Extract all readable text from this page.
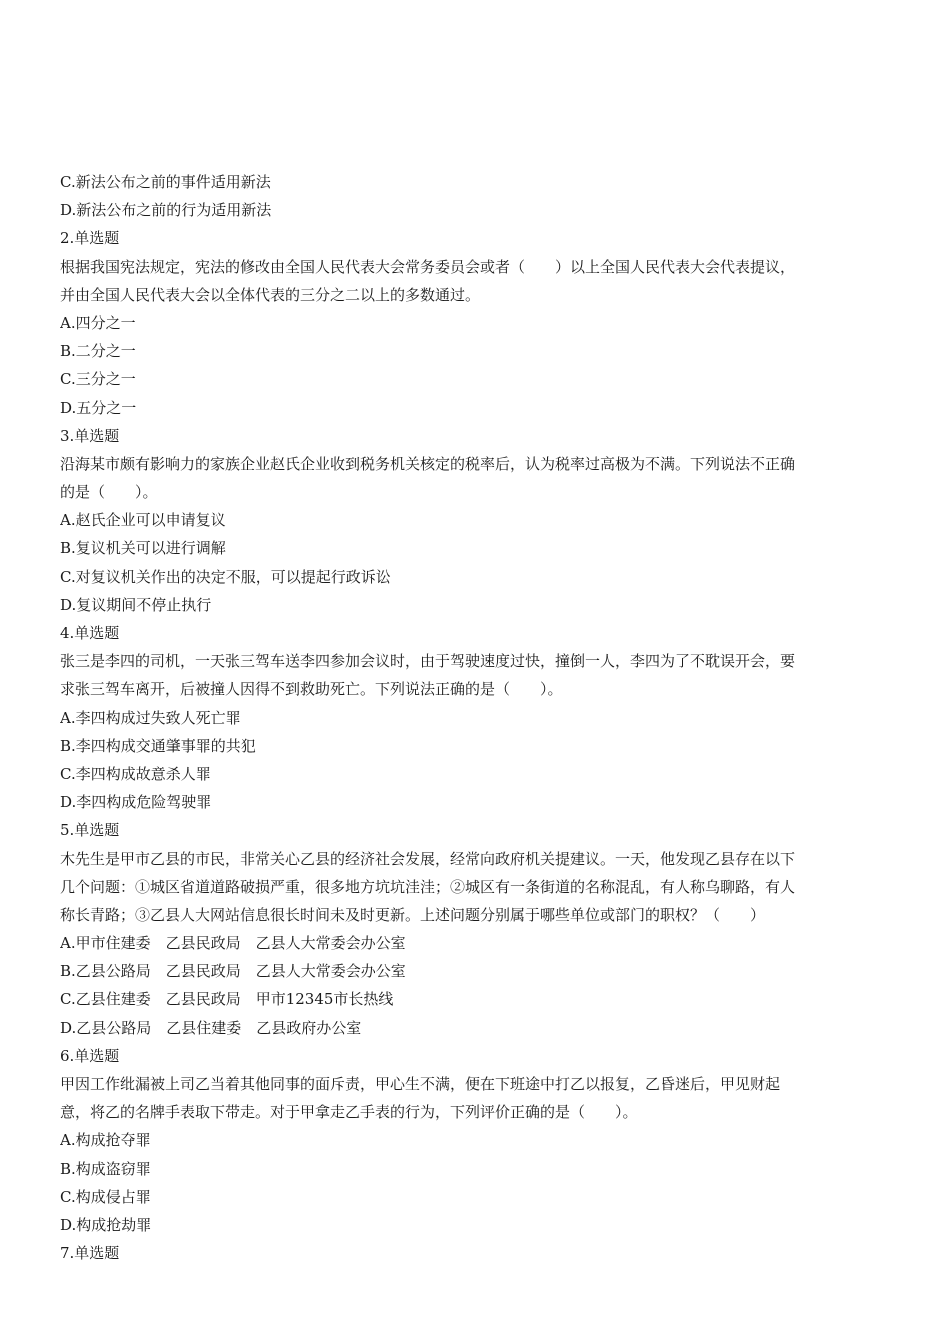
C.新法公布之前的事件适用新法
D.新法公布之前的行为适用新法
2.单选题
根据我国宪法规定，宪法的修改由全国人民代表大会常务委员会或者（　　）以上全国人民代表大会代表提议，
并由全国人民代表大会以全体代表的三分之二以上的多数通过。
A.四分之一
B.二分之一
C.三分之一
D.五分之一
3.单选题
沿海某市颇有影响力的家族企业赵氏企业收到税务机关核定的税率后，认为税率过高极为不满。下列说法不正确
的是（　　）。
A.赵氏企业可以申请复议
B.复议机关可以进行调解
C.对复议机关作出的决定不服，可以提起行政诉讼
D.复议期间不停止执行
4.单选题
张三是李四的司机，一天张三驾车送李四参加会议时，由于驾驶速度过快，撞倒一人，李四为了不耽误开会，要
求张三驾车离开，后被撞人因得不到救助死亡。下列说法正确的是（　　）。
A.李四构成过失致人死亡罪
B.李四构成交通肇事罪的共犯
C.李四构成故意杀人罪
D.李四构成危险驾驶罪
5.单选题
木先生是甲市乙县的市民，非常关心乙县的经济社会发展，经常向政府机关提建议。一天，他发现乙县存在以下
几个问题：①城区省道道路破损严重，很多地方坑坑洼洼；②城区有一条街道的名称混乱，有人称乌聊路，有人
称长青路；③乙县人大网站信息很长时间未及时更新。上述问题分别属于哪些单位或部门的职权？（　　）
A.甲市住建委　乙县民政局　乙县人大常委会办公室
B.乙县公路局　乙县民政局　乙县人大常委会办公室
C.乙县住建委　乙县民政局　甲市12345市长热线
D.乙县公路局　乙县住建委　乙县政府办公室
6.单选题
甲因工作纰漏被上司乙当着其他同事的面斥责，甲心生不满，便在下班途中打乙以报复，乙昏迷后，甲见财起
意，将乙的名牌手表取下带走。对于甲拿走乙手表的行为，下列评价正确的是（　　）。
A.构成抢夺罪
B.构成盗窃罪
C.构成侵占罪
D.构成抢劫罪
7.单选题
